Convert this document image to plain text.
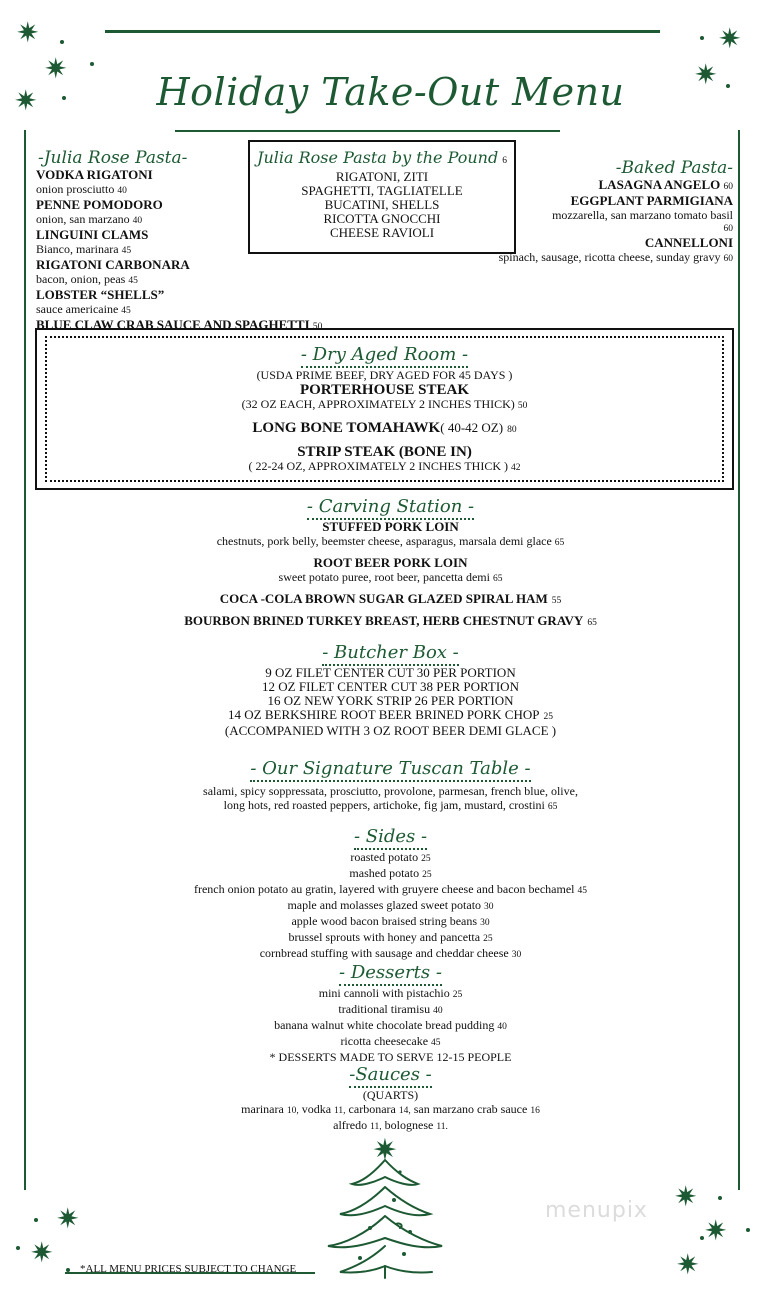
✷
✷
✷
✷
✷
✷
✷
✷
✷
✷
Holiday Take-Out Menu
-Julia Rose Pasta-
VODKA RIGATONI
onion prosciutto 40
PENNE POMODORO
onion, san marzano 40
LINGUINI CLAMS
Bianco, marinara 45
RIGATONI CARBONARA
bacon, onion, peas 45
LOBSTER “SHELLS”
sauce americaine 45
BLUE CLAW CRAB SAUCE AND SPAGHETTI 50
Julia Rose Pasta by the Pound 6
RIGATONI, ZITI
SPAGHETTI, TAGLIATELLE
BUCATINI, SHELLS
RICOTTA GNOCCHI
CHEESE RAVIOLI
-Baked Pasta-
LASAGNA ANGELO 60
EGGPLANT PARMIGIANA
mozzarella, san marzano tomato basil
60
CANNELLONI
spinach, sausage, ricotta cheese, sunday gravy 60
- Dry Aged Room -
(USDA PRIME BEEF, DRY AGED FOR 45 DAYS )
PORTERHOUSE STEAK
(32 OZ EACH, APPROXIMATELY 2 INCHES THICK) 50
LONG BONE TOMAHAWK( 40-42 OZ) 80
STRIP STEAK (BONE IN)
( 22-24 OZ, APPROXIMATELY 2 INCHES THICK ) 42
- Carving Station -
STUFFED PORK LOIN
chestnuts, pork belly, beemster cheese, asparagus, marsala demi glace 65
ROOT BEER PORK LOIN
sweet potato puree, root beer, pancetta demi 65
COCA -COLA BROWN SUGAR GLAZED SPIRAL HAM 55
BOURBON BRINED TURKEY BREAST, HERB CHESTNUT GRAVY 65
- Butcher Box -
9 OZ FILET CENTER CUT 30 PER PORTION
12 OZ FILET CENTER CUT 38 PER PORTION
16 OZ NEW YORK STRIP 26 PER PORTION
14 OZ BERKSHIRE ROOT BEER BRINED PORK CHOP 25
(ACCOMPANIED WITH 3 OZ ROOT BEER DEMI GLACE )
- Our Signature Tuscan Table -
salami, spicy soppressata, prosciutto, provolone, parmesan, french blue, olive,
long hots, red roasted peppers, artichoke, fig jam, mustard, crostini 65
- Sides -
roasted potato 25
mashed potato 25
french onion potato au gratin, layered with gruyere cheese and bacon bechamel 45
maple and molasses glazed sweet potato 30
apple wood bacon braised string beans 30
brussel sprouts with honey and pancetta 25
cornbread stuffing with sausage and cheddar cheese 30
- Desserts -
mini cannoli with pistachio 25
traditional tiramisu 40
banana walnut white chocolate bread pudding 40
ricotta cheesecake 45
* DESSERTS MADE TO SERVE 12-15 PEOPLE
-Sauces -
(QUARTS)
marinara 10, vodka 11, carbonara 14, san marzano crab sauce 16
alfredo 11, bolognese 11.
✷
menupix
*ALL MENU PRICES SUBJECT TO CHANGE
